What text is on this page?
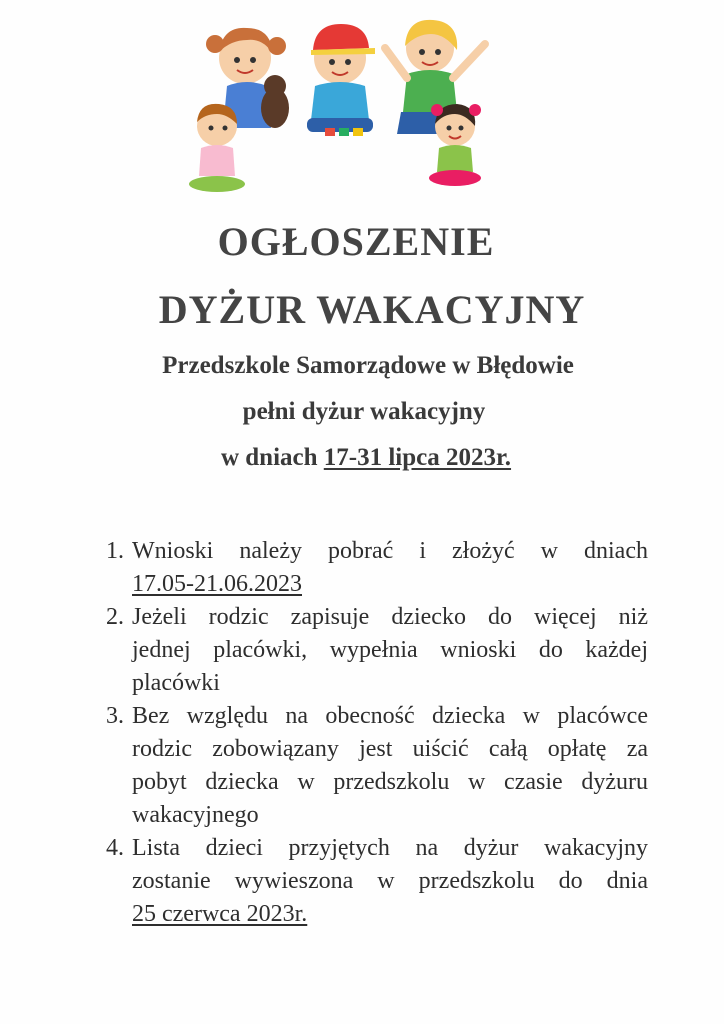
OGŁOSZENIE
DYŻUR WAKACYJNY
Przedszkole Samorządowe w Błędowie
pełni dyżur wakacyjny
w dniach 17-31 lipca 2023r.
1. Wnioski należy pobrać i złożyć w dniach
17.05-21.06.2023
2. Jeżeli rodzic zapisuje dziecko do więcej niż
jednej placówki, wypełnia wnioski do każdej
placówki
3. Bez względu na obecność dziecka w placówce
rodzic zobowiązany jest uiścić całą opłatę za
pobyt dziecka w przedszkolu w czasie dyżuru
wakacyjnego
4. Lista dzieci przyjętych na dyżur wakacyjny
zostanie wywieszona w przedszkolu do dnia
25 czerwca 2023r.
